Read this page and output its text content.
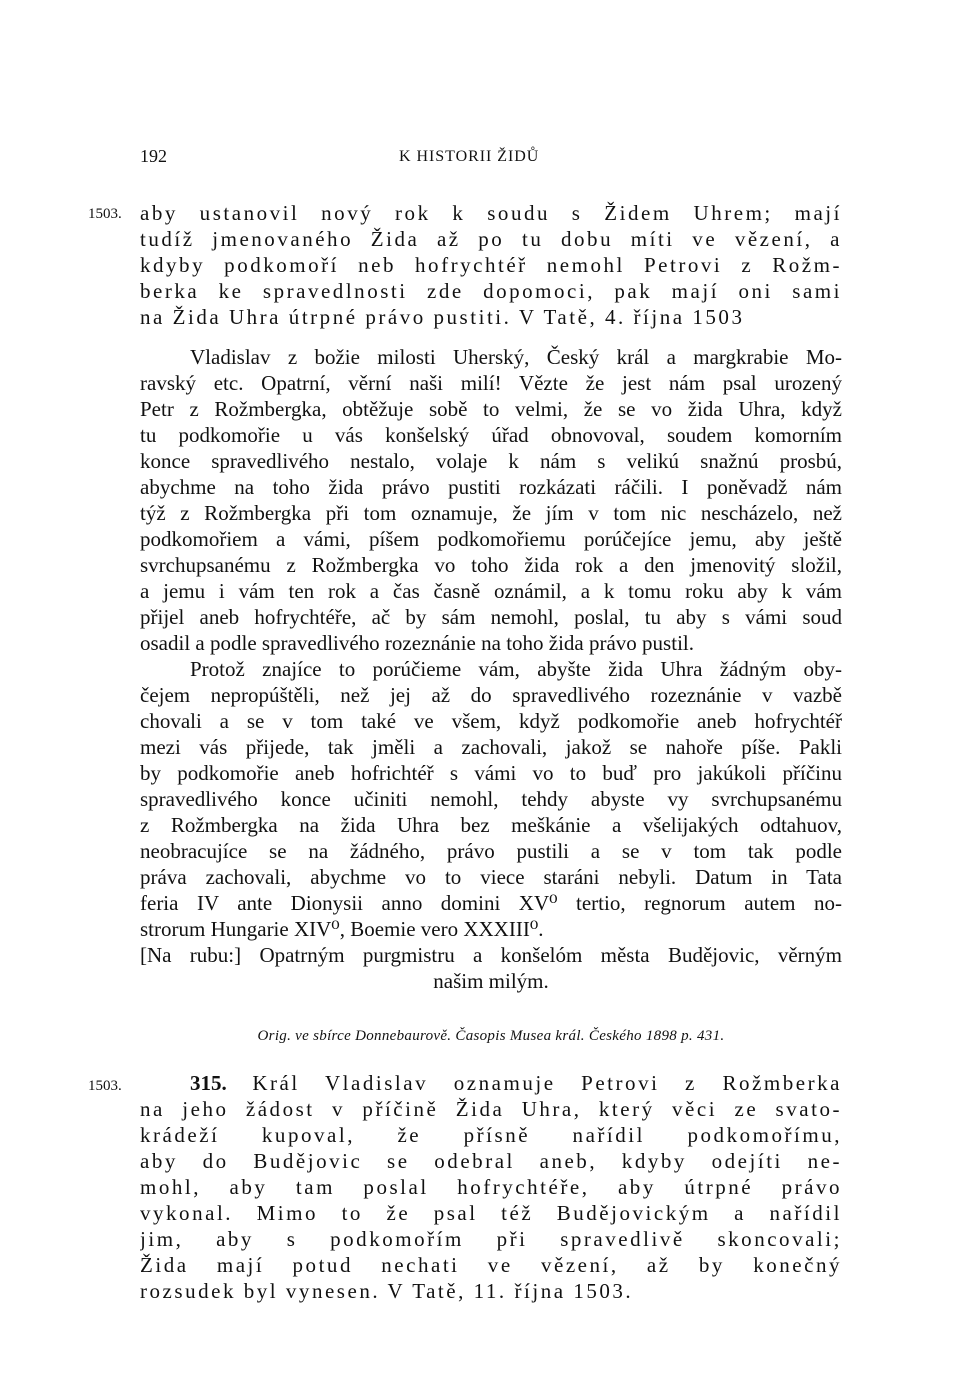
192	K HISTORII ŽIDŮ
1503. aby ustanovil nový rok k soudu s Židem Uhrem; mají
tudíž jmenovaného Žida až po tu dobu míti ve vězení, a
kdyby podkomoří neb hofrychtéř nemohl Petrovi z Rožm-
berka ke spravedlnosti zde dopomoci, pak mají oni sami
na Žida Uhra útrpné právo pustiti. V Tatě, 4. října 1503
Vladislav z božie milosti Uherský, Český král a margkrabie Mo-
ravský etc. Opatrní, věrní naši milí! Vězte že jest nám psal urozený
Petr z Rožmbergka, obtěžuje sobě to velmi, že se vo žida Uhra, když
tu podkomořie u vás konšelský úřad obnovoval, soudem komorním
konce spravedlivého nestalo, volaje k nám s velikú snažnú prosbú,
abychme na toho žida právo pustiti rozkázati ráčili. I poněvadž nám
týž z Rožmbergka při tom oznamuje, že jím v tom nic nescházelo, než
podkomořiem a vámi, píšem podkomořiemu porúčejíce jemu, aby ještě
svrchupsanému z Rožmbergka vo toho žida rok a den jmenovitý složil,
a jemu i vám ten rok a čas časně oznámil, a k tomu roku aby k vám
přijel aneb hofrychtéře, ač by sám nemohl, poslal, tu aby s vámi soud
osadil a podle spravedlivého rozeznánie na toho žida právo pustil.
Protož znajíce to porúčieme vám, abyšte žida Uhra žádným oby-
čejem nepropúštěli, než jej až do spravedlivého rozeznánie v vazbě
chovali a se v tom také ve všem, když podkomořie aneb hofrychtéř
mezi vás přijede, tak jměli a zachovali, jakož se nahoře píše. Pakli
by podkomořie aneb hofrichtéř s vámi vo to buď pro jakúkoli příčinu
spravedlivého konce učiniti nemohl, tehdy abyste vy svrchupsanému
z Rožmbergka na žida Uhra bez meškánie a všelijakých odtahuov,
neobracujíce se na žádného, právo pustili a se v tom tak podle
práva zachovali, abychme vo to viece staráni nebyli. Datum in Tata
feria IV ante Dionysii anno domini XV⁰ tertio, regnorum autem no-
strorum Hungarie XIV⁰, Boemie vero XXXIII⁰.
[Na rubu:] Opatrným purgmistru a konšelóm města Budějovic, věrným
našim milým.
Orig. ve sbírce Donnebaurově. Časopis Musea král. Českého 1898 p. 431.
1503.	315. Král Vladislav oznamuje Petrovi z Rožmberka
na jeho žádost v příčině Žida Uhra, který věci ze svato-
krádeží kupoval, že přísně nařídil podkomořímu,
aby do Budějovic se odebral aneb, kdyby odejíti ne-
mohl, aby tam poslal hofrychtéře, aby útrpné právo
vykonal. Mimo to že psal též Budějovickým a nařídil
jim, aby s podkomořím při spravedlivě skoncovali;
Žida mají potud nechati ve vězení, až by konečný
rozsudek byl vynesen. V Tatě, 11. října 1503.
